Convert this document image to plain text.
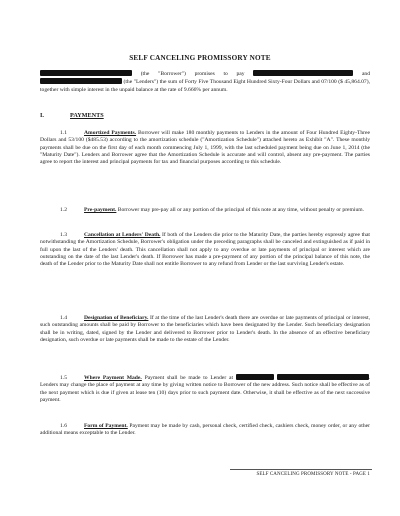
SELF CANCELING PROMISSORY NOTE
(the "Borrower") promises to pay	and  (the "Lenders") the sum of Forty Five Thousand Eight Hundred Sixty-Four Dollars and 07/100 ($ 45,864.07), together with simple interest in the unpaid balance at the rate of 9.666% per annum.
I.	PAYMENTS
1.1	Amortized Payments. Borrower will make 180 monthly payments to Lenders in the amount of Four Hundred Eighty-Three Dollars and 53/100 ($485.53) according to the amortization schedule ("Amortization Schedule") attached hereto as Exhibit "A". These monthly payments shall be due on the first day of each month commencing July 1, 1999, with the last scheduled payment being due on June 1, 2014 (the "Maturity Date"). Lenders and Borrower agree that the Amortization Schedule is accurate and will control, absent any pre-payment. The parties agree to report the interest and principal payments for tax and financial purposes according to this schedule.
1.2	Pre-payment. Borrower may pre-pay all or any portion of the principal of this note at any time, without penalty or premium.
1.3	Cancellation at Lenders' Death. If both of the Lenders die prior to the Maturity Date, the parties hereby expressly agree that notwithstanding the Amortization Schedule, Borrower's obligation under the preceding paragraphs shall be canceled and extinguished as if paid in full upon the last of the Lenders' death. This cancellation shall not apply to any overdue or late payments of principal or interest which are outstanding on the date of the last Lender's death. If Borrower has made a pre-payment of any portion of the principal balance of this note, the death of the Lender prior to the Maturity Date shall not entitle Borrower to any refund from Lender or the last surviving Lender's estate.
1.4	Designation of Beneficiary. If at the time of the last Lender's death there are overdue or late payments of principal or interest, such outstanding amounts shall be paid by Borrower to the beneficiaries which have been designated by the Lender. Such beneficiary designation shall be in writing, dated, signed by the Lender and delivered to Borrower prior to Lender's death. In the absence of an effective beneficiary designation, such overdue or late payments shall be made to the estate of the Lender.
1.5	Where Payment Made. Payment shall be made to Lender at	. Lenders may change the place of payment at any time by giving written notice to Borrower of the new address. Such notice shall be effective as of the next payment which is due if given at lease ten (10) days prior to such payment date. Otherwise, it shall be effective as of the next successive payment.
1.6	Form of Payment. Payment may be made by cash, personal check, certified check, cashiers check, money order, or any other additional means exceptable to the Lender.
SELF CANCELING PROMISSORY NOTE - PAGE 1
